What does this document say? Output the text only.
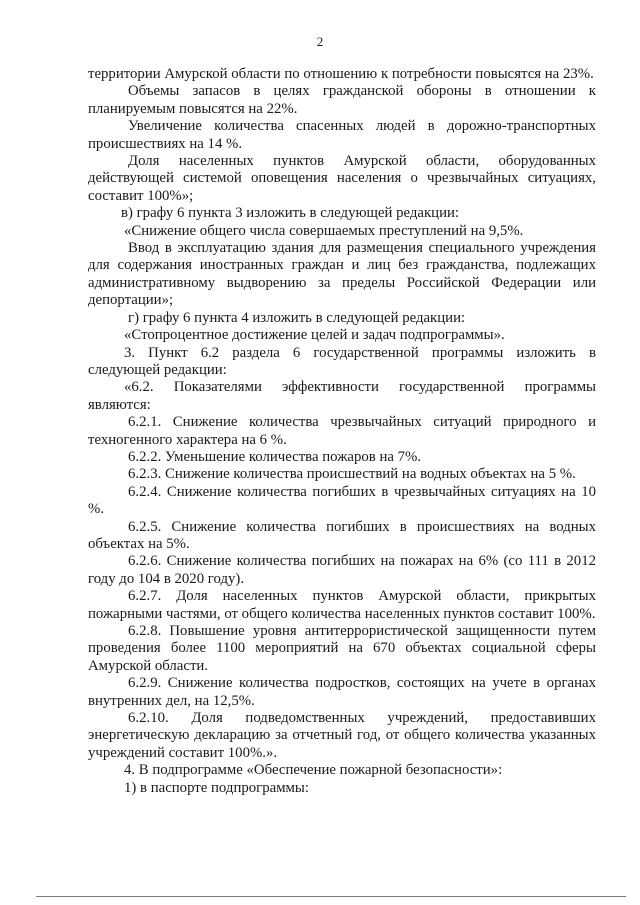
2

территории Амурской области по отношению к потребности повысятся на 23%.

Объемы запасов в целях гражданской обороны в отношении к планируемым повысятся на 22%.

Увеличение количества спасенных людей в дорожно-транспортных происшествиях на 14 %.

Доля населенных пунктов Амурской области, оборудованных действующей системой оповещения населения о чрезвычайных ситуациях, составит 100%»;

в) графу 6 пункта 3 изложить в следующей редакции:

«Снижение общего числа совершаемых преступлений на 9,5%.

Ввод в эксплуатацию здания для размещения специального учреждения для содержания иностранных граждан и лиц без гражданства, подлежащих административному выдворению за пределы Российской Федерации или депортации»;

г) графу 6 пункта 4 изложить в следующей редакции:

«Стопроцентное достижение целей и задач подпрограммы».

3. Пункт 6.2 раздела 6 государственной программы изложить в следующей редакции:

«6.2. Показателями эффективности государственной программы являются:

6.2.1. Снижение количества чрезвычайных ситуаций природного и техногенного характера на 6 %.

6.2.2. Уменьшение количества пожаров на 7%.

6.2.3. Снижение количества происшествий на водных объектах на 5 %.

6.2.4. Снижение количества погибших в чрезвычайных ситуациях на 10 %.

6.2.5. Снижение количества погибших в происшествиях на водных объектах на 5%.

6.2.6. Снижение количества погибших на пожарах на 6% (со 111 в 2012 году до 104 в 2020 году).

6.2.7. Доля населенных пунктов Амурской области, прикрытых пожарными частями, от общего количества населенных пунктов составит 100%.

6.2.8. Повышение уровня антитеррористической защищенности путем проведения более 1100 мероприятий на 670 объектах социальной сферы Амурской области.

6.2.9. Снижение количества подростков, состоящих на учете в органах внутренних дел, на 12,5%.

6.2.10. Доля подведомственных учреждений, предоставивших энергетическую декларацию за отчетный год, от общего количества указанных учреждений составит 100%.».

4. В подпрограмме «Обеспечение пожарной безопасности»:

1) в паспорте подпрограммы:
